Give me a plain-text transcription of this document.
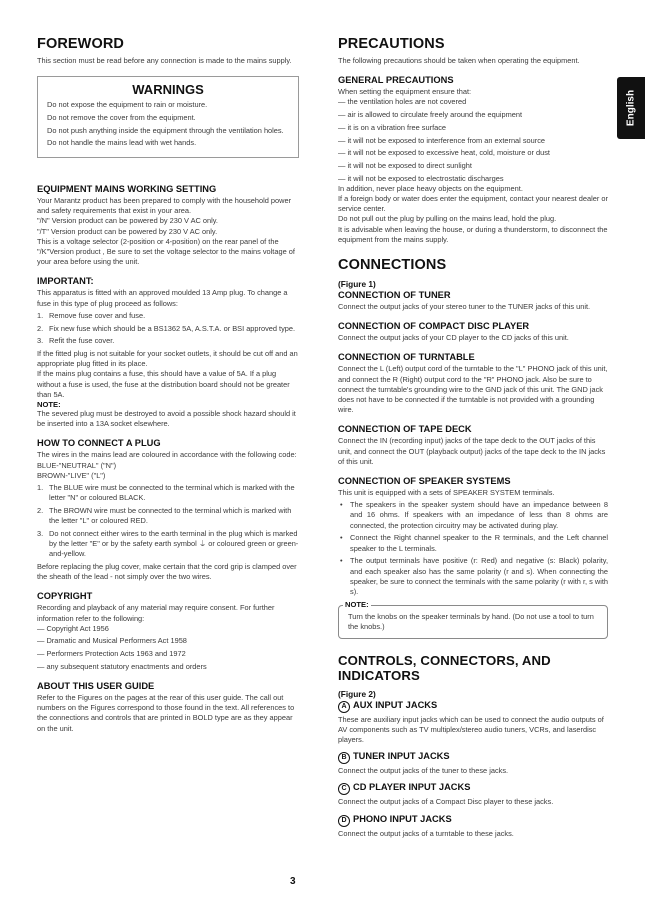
English
FOREWORD

This section must be read before any connection is made to the mains supply.

WARNINGS

Do not expose the equipment to rain or moisture.

Do not remove the cover from the equipment.

Do not push anything inside the equipment through the ventilation holes.

Do not handle the mains lead with wet hands.

EQUIPMENT MAINS WORKING SETTING

Your Marantz product has been prepared to comply with the household power and safety requirements that exist in your area.

"/N" Version product can be powered by 230 V AC only.

"/T" Version product can be powered by 230 V AC only.

This is a voltage selector (2-position or 4-position) on the rear panel of the "/K"Version product , Be sure to set the voltage selector to the mains voltage of your area before using the unit.

IMPORTANT:

This apparatus is fitted with an approved moulded 13 Amp plug. To change a fuse in this type of plug proceed as follows:

1. Remove fuse cover and fuse.
2. Fix new fuse which should be a BS1362 5A, A.S.T.A. or BSI approved type.
3. Refit the fuse cover.

If the fitted plug is not suitable for your socket outlets, it should be cut off and an appropriate plug fitted in its place.

If the mains plug contains a fuse, this should have a value of 5A. If a plug without a fuse is used, the fuse at the distribution board should not be greater than 5A.

NOTE:

The severed plug must be destroyed to avoid a possible shock hazard should it be inserted into a 13A socket elsewhere.

HOW TO CONNECT A PLUG

The wires in the mains lead are coloured in accordance with the following code:

BLUE-"NEUTRAL" ("N")

BROWN-"LIVE" ("L")

1. The BLUE wire must be connected to the terminal which is marked with the letter "N" or coloured BLACK.
2. The BROWN wire must be connected to the terminal which is marked with the letter "L" or coloured RED.
3. Do not connect either wires to the earth terminal in the plug which is marked by the letter "E" or by the safety earth symbol ⏚ or coloured green or green-and-yellow.

Before replacing the plug cover, make certain that the cord grip is clamped over the sheath of the lead - not simply over the two wires.

COPYRIGHT

Recording and playback of any material may require consent. For further information refer to the following:

— Copyright Act 1956
— Dramatic and Musical Performers Act 1958
— Performers Protection Acts 1963 and 1972
— any subsequent statutory enactments and orders
ABOUT THIS USER GUIDE

Refer to the Figures on the pages at the rear of this user guide. The call out numbers on the Figures correspond to those found in the text. All references to the connections and controls that are printed in BOLD type are as they appear on the unit.

PRECAUTIONS

The following precautions should be taken when operating the equipment.

GENERAL PRECAUTIONS

When setting the equipment ensure that:

— the ventilation holes are not covered
— air is allowed to circulate freely around the equipment
— it is on a vibration free surface
— it will not be exposed to interference from an external source
— it will not be exposed to excessive heat, cold, moisture or dust
— it will not be exposed to direct sunlight
— it will not be exposed to electrostatic discharges

In addition, never place heavy objects on the equipment.

If a foreign body or water does enter the equipment, contact your nearest dealer or service center.

Do not pull out the plug by pulling on the mains lead, hold the plug.

It is advisable when leaving the house, or during a thunderstorm, to disconnect the equipment from the mains supply.

CONNECTIONS
(Figure 1)
CONNECTION OF TUNER

Connect the output jacks of your stereo tuner to the TUNER jacks of this unit.

CONNECTION OF COMPACT DISC PLAYER

Connect the output jacks of your CD player to the CD jacks of this unit.

CONNECTION OF TURNTABLE

Connect the L (Left) output cord of the turntable to the "L" PHONO jack of this unit, and connect the R (Right) output cord to the "R" PHONO jack. Also be sure to connect the turntable's grounding wire to the GND jack of this unit. The GND jack does not have to be connected if the turntable is not provided with a grounding wire.

CONNECTION OF TAPE DECK

Connect the IN (recording input) jacks of the tape deck to the OUT jacks of this unit, and connect the OUT (playback output) jacks of the tape deck to the IN jacks of this unit.

CONNECTION OF SPEAKER SYSTEMS

This unit is equipped with a sets of SPEAKER SYSTEM terminals.

• The speakers in the speaker system should have an impedance between 8 and 16 ohms. If speakers with an impedance of less than 8 ohms are connected, the protection circuitry may be activated during play.
• Connect the Right channel speaker to the R terminals, and the Left channel speaker to the L terminals.
• The output terminals have positive (r: Red) and negative (s: Black) polarity, and each speaker also has the same polarity (r and s). When connecting the speaker, be sure to connect the terminals with the same polarity (r with r, s with s).
NOTE:

Turn the knobs on the speaker terminals by hand. (Do not use a tool to turn the knobs.)

CONTROLS, CONNECTORS, AND INDICATORS
(Figure 2)
A AUX INPUT JACKS

These are auxiliary input jacks which can be used to connect the audio outputs of AV components such as TV multiplex/stereo audio tuners, VCRs, and laserdisc players.

B TUNER INPUT JACKS

Connect the output jacks of the tuner to these jacks.

C CD PLAYER INPUT JACKS

Connect the output jacks of a Compact Disc player to these jacks.

D PHONO INPUT JACKS

Connect the output jacks of a turntable to these jacks.

3
